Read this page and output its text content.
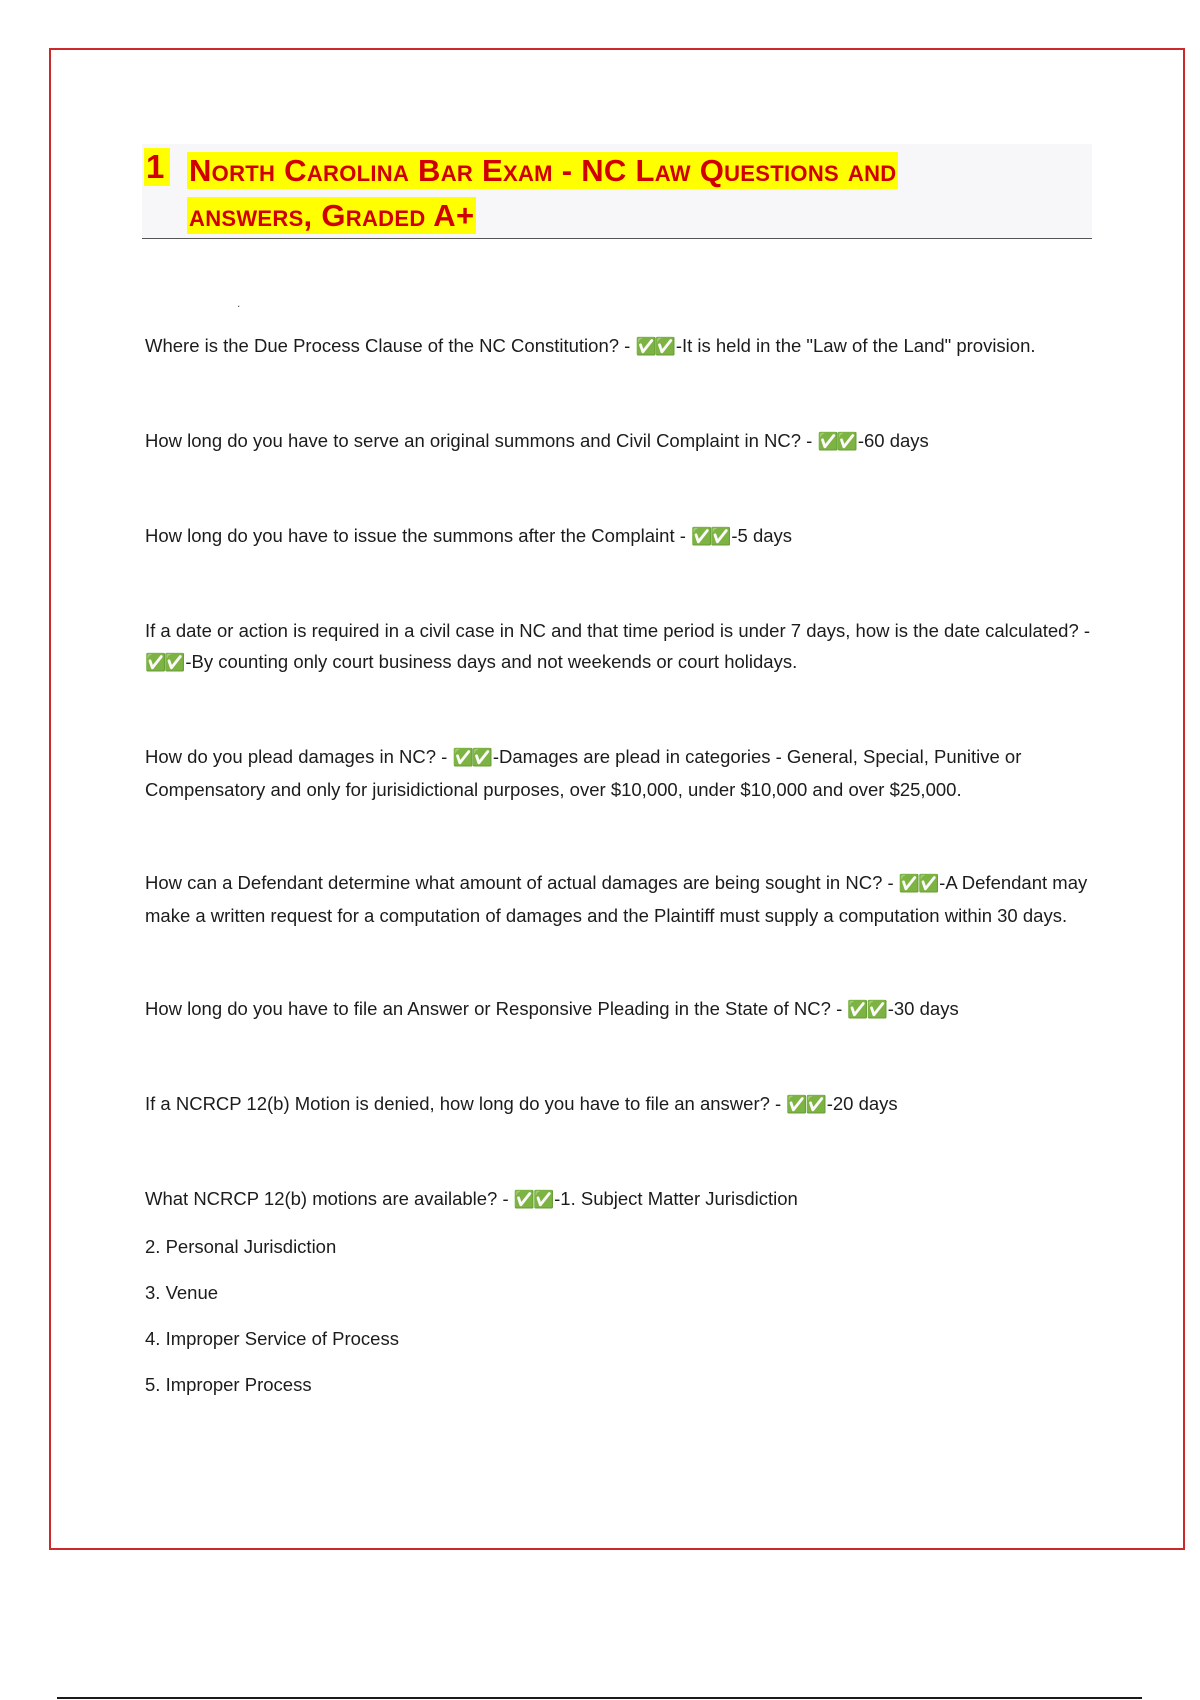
1 North Carolina Bar Exam - NC Law Questions and
answers, Graded A+
.

Where is the Due Process Clause of the NC Constitution? - ✅✅ -It is held in the "Law of the Land" provision.

How long do you have to serve an original summons and Civil Complaint in NC? - ✅✅ -60 days

How long do you have to issue the summons after the Complaint - ✅✅ -5 days

If a date or action is required in a civil case in NC and that time period is under 7 days, how is the date calculated? - ✅✅ -By counting only court business days and not weekends or court holidays.

How do you plead damages in NC? - ✅✅ -Damages are plead in categories - General, Special, Punitive or Compensatory and only for jurisidictional purposes, over $10,000, under $10,000 and over $25,000.

How can a Defendant determine what amount of actual damages are being sought in NC? - ✅✅ -A Defendant may make a written request for a computation of damages and the Plaintiff must supply a computation within 30 days.

How long do you have to file an Answer or Responsive Pleading in the State of NC? - ✅✅ -30 days

If a NCRCP 12(b) Motion is denied, how long do you have to file an answer? - ✅✅ -20 days

What NCRCP 12(b) motions are available? - ✅✅ -1. Subject Matter Jurisdiction

2. Personal Jurisdiction

3. Venue

4. Improper Service of Process

5. Improper Process
